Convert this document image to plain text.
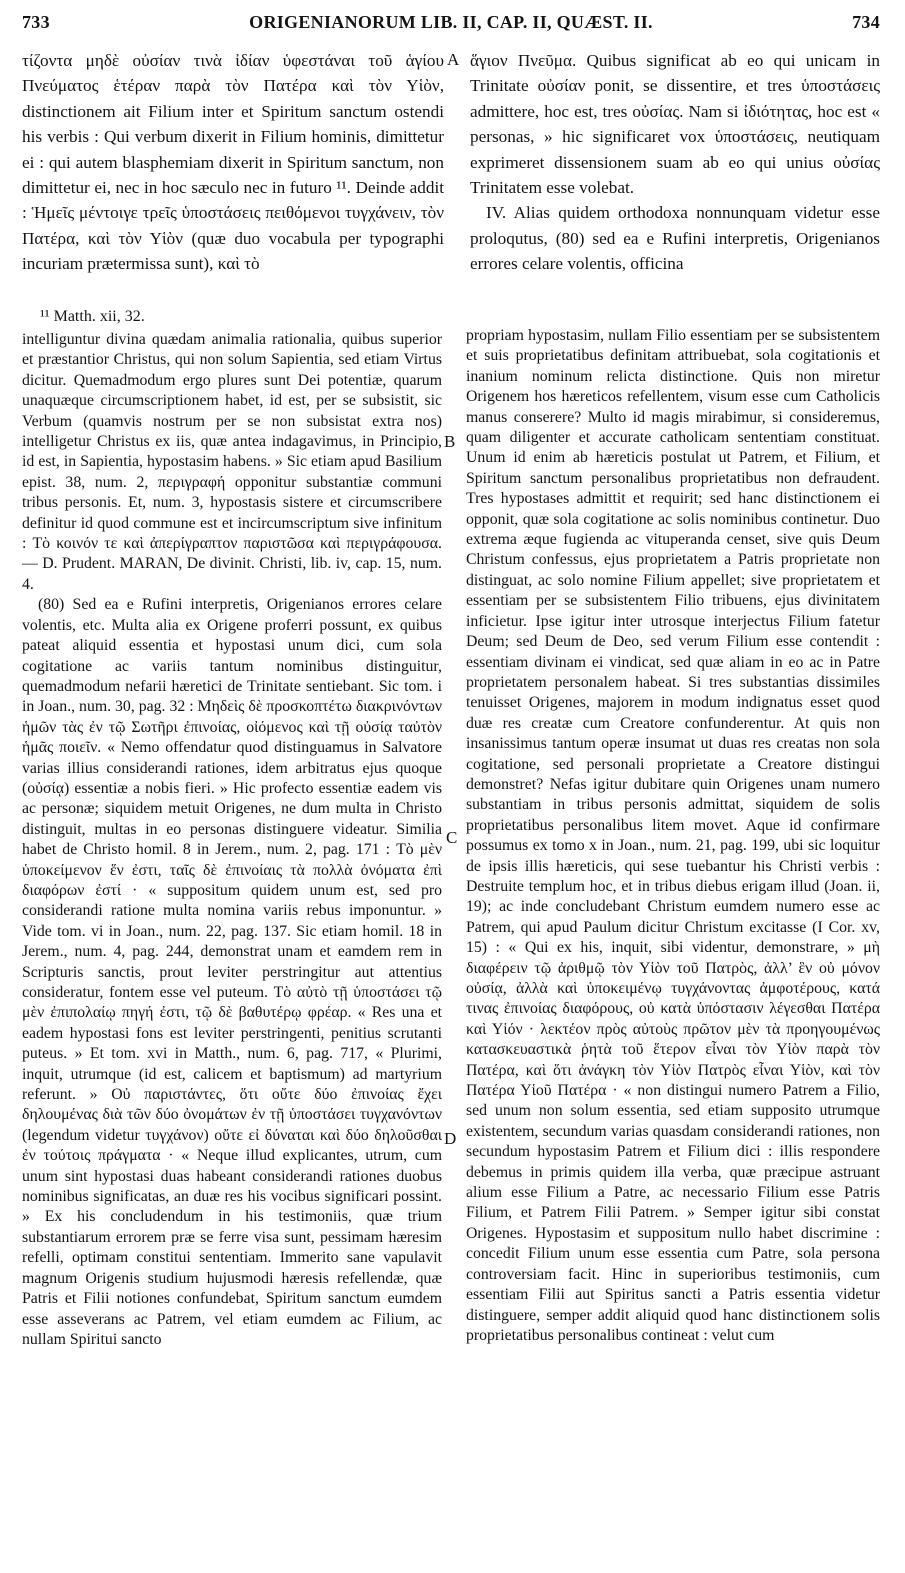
733	ORIGENIANORUM LIB. II, CAP. II, QUÆST. II.	734
A
B
C
D

τίζοντα μηδὲ οὐσίαν τινὰ ἰδίαν ὑφεστάναι τοῦ ἁγίου Πνεύματος ἑτέραν παρὰ τὸν Πατέρα καὶ τὸν Υἱὸν, distinctionem ait Filium inter et Spiritum sanctum ostendi his verbis : Qui verbum dixerit in Filium hominis, dimittetur ei : qui autem blasphemiam dixerit in Spiritum sanctum, non dimittetur ei, nec in hoc sæculo nec in futuro ¹¹. Deinde addit : Ἡμεῖς μέντοιγε τρεῖς ὑποστάσεις πειθόμενοι τυγχάνειν, τὸν Πατέρα, καὶ τὸν Υἱὸν (quæ duo vocabula per typographi incuriam prætermissa sunt), καὶ τὸ

ἅγιον Πνεῦμα. Quibus significat ab eo qui unicam in Trinitate οὐσίαν ponit, se dissentire, et tres ὑποστάσεις admittere, hoc est, tres οὐσίας. Nam si ἰδιότητας, hoc est « personas, » hic significaret vox ὑποστάσεις, neutiquam exprimeret dissensionem suam ab eo qui unius οὐσίας Trinitatem esse volebat.

IV. Alias quidem orthodoxa nonnunquam videtur esse proloqutus, (80) sed ea e Rufini interpretis, Origenianos errores celare volentis, officina

¹¹ Matth. xii, 32.

intelliguntur divina quædam animalia rationalia, quibus superior et præstantior Christus, qui non solum Sapientia, sed etiam Virtus dicitur. Quemadmodum ergo plures sunt Dei potentiæ, quarum unaquæque circumscriptionem habet, id est, per se subsistit, sic Verbum (quamvis nostrum per se non subsistat extra nos) intelligetur Christus ex iis, quæ antea indagavimus, in Principio, id est, in Sapientia, hypostasim habens. » Sic etiam apud Basilium epist. 38, num. 2, περιγραφή opponitur substantiæ communi tribus personis. Et, num. 3, hypostasis sistere et circumscribere definitur id quod commune est et incircumscriptum sive infinitum : Τὸ κοινόν τε καὶ ἀπερίγραπτον παριστῶσα καὶ περιγράφουσα. — D. Prudent. MARAN, De divinit. Christi, lib. iv, cap. 15, num. 4.

(80) Sed ea e Rufini interpretis, Origenianos errores celare volentis, etc. Multa alia ex Origene proferri possunt, ex quibus pateat aliquid essentia et hypostasi unum dici, cum sola cogitatione ac variis tantum nominibus distinguitur, quemadmodum nefarii hæretici de Trinitate sentiebant. Sic tom. i in Joan., num. 30, pag. 32 : Μηδεὶς δὲ προσκοπτέτω διακρινόντων ἡμῶν τὰς ἐν τῷ Σωτῆρι ἐπινοίας, οἰόμενος καὶ τῇ οὐσίᾳ ταὐτὸν ἡμᾶς ποιεῖν. « Nemo offendatur quod distinguamus in Salvatore varias illius considerandi rationes, idem arbitratus ejus quoque (οὐσίᾳ) essentiæ a nobis fieri. » Hic profecto essentiæ eadem vis ac personæ; siquidem metuit Origenes, ne dum multa in Christo distinguit, multas in eo personas distinguere videatur. Similia habet de Christo homil. 8 in Jerem., num. 2, pag. 171 : Τὸ μὲν ὑποκείμενον ἕν ἐστι, ταῖς δὲ ἐπινοίαις τὰ πολλὰ ὀνόματα ἐπὶ διαφόρων ἐστί · « suppositum quidem unum est, sed pro considerandi ratione multa nomina variis rebus imponuntur. » Vide tom. vi in Joan., num. 22, pag. 137. Sic etiam homil. 18 in Jerem., num. 4, pag. 244, demonstrat unam et eamdem rem in Scripturis sanctis, prout leviter perstringitur aut attentius consideratur, fontem esse vel puteum. Τὸ αὐτὸ τῇ ὑποστάσει τῷ μὲν ἐπιπολαίῳ πηγή ἐστι, τῷ δὲ βαθυτέρῳ φρέαρ. « Res una et eadem hypostasi fons est leviter perstringenti, penitius scrutanti puteus. » Et tom. xvi in Matth., num. 6, pag. 717, « Plurimi, inquit, utrumque (id est, calicem et baptismum) ad martyrium referunt. » Οὐ παριστάντες, ὅτι οὔτε δύο ἐπινοίας ἔχει δηλουμένας διὰ τῶν δύο ὀνομάτων ἐν τῇ ὑποστάσει τυγχανόντων (legendum videtur τυγχάνον) οὔτε εἰ δύναται καὶ δύο δηλοῦσθαι ἐν τούτοις πράγματα · « Neque illud explicantes, utrum, cum unum sint hypostasi duas habeant considerandi rationes duobus nominibus significatas, an duæ res his vocibus significari possint. » Ex his concludendum in his testimoniis, quæ trium substantiarum errorem præ se ferre visa sunt, pessimam hæresim refelli, optimam constitui sententiam. Immerito sane vapulavit magnum Origenis studium hujusmodi hæresis refellendæ, quæ Patris et Filii notiones confundebat, Spiritum sanctum eumdem esse asseverans ac Patrem, vel etiam eumdem ac Filium, ac nullam Spiritui sancto

propriam hypostasim, nullam Filio essentiam per se subsistentem et suis proprietatibus definitam attribuebat, sola cogitationis et inanium nominum relicta distinctione. Quis non miretur Origenem hos hæreticos refellentem, visum esse cum Catholicis manus conserere? Multo id magis mirabimur, si consideremus, quam diligenter et accurate catholicam sententiam constituat. Unum id enim ab hæreticis postulat ut Patrem, et Filium, et Spiritum sanctum personalibus proprietatibus non defraudent. Tres hypostases admittit et requirit; sed hanc distinctionem ei opponit, quæ sola cogitatione ac solis nominibus continetur. Duo extrema æque fugienda ac vituperanda censet, sive quis Deum Christum confessus, ejus proprietatem a Patris proprietate non distinguat, ac solo nomine Filium appellet; sive proprietatem et essentiam per se subsistentem Filio tribuens, ejus divinitatem inficietur. Ipse igitur inter utrosque interjectus Filium fatetur Deum; sed Deum de Deo, sed verum Filium esse contendit : essentiam divinam ei vindicat, sed quæ aliam in eo ac in Patre proprietatem personalem habeat. Si tres substantias dissimiles tenuisset Origenes, majorem in modum indignatus esset quod duæ res creatæ cum Creatore confunderentur. At quis non insanissimus tantum operæ insumat ut duas res creatas non sola cogitatione, sed personali proprietate a Creatore distingui demonstret? Nefas igitur dubitare quin Origenes unam numero substantiam in tribus personis admittat, siquidem de solis proprietatibus personalibus litem movet. Aque id confirmare possumus ex tomo x in Joan., num. 21, pag. 199, ubi sic loquitur de ipsis illis hæreticis, qui sese tuebantur his Christi verbis : Destruite templum hoc, et in tribus diebus erigam illud (Joan. ii, 19); ac inde concludebant Christum eumdem numero esse ac Patrem, qui apud Paulum dicitur Christum excitasse (I Cor. xv, 15) : « Qui ex his, inquit, sibi videntur, demonstrare, » μὴ διαφέρειν τῷ ἀριθμῷ τὸν Υἱὸν τοῦ Πατρὸς, ἀλλ’ ἓν οὐ μόνον οὐσίᾳ, ἀλλὰ καὶ ὑποκειμένῳ τυγχάνοντας ἀμφοτέρους, κατά τινας ἐπινοίας διαφόρους, οὐ κατὰ ὑπόστασιν λέγεσθαι Πατέρα καὶ Υἱόν · λεκτέον πρὸς αὐτοὺς πρῶτον μὲν τὰ προηγουμένως κατασκευαστικὰ ῥητὰ τοῦ ἕτερον εἶναι τὸν Υἱὸν παρὰ τὸν Πατέρα, καὶ ὅτι ἀνάγκη τὸν Υἱὸν Πατρὸς εἶναι Υἱὸν, καὶ τὸν Πατέρα Υἱοῦ Πατέρα · « non distingui numero Patrem a Filio, sed unum non solum essentia, sed etiam supposito utrumque existentem, secundum varias quasdam considerandi rationes, non secundum hypostasim Patrem et Filium dici : illis respondere debemus in primis quidem illa verba, quæ præcipue astruant alium esse Filium a Patre, ac necessario Filium esse Patris Filium, et Patrem Filii Patrem. » Semper igitur sibi constat Origenes. Hypostasim et suppositum nullo habet discrimine : concedit Filium unum esse essentia cum Patre, sola persona controversiam facit. Hinc in superioribus testimoniis, cum essentiam Filii aut Spiritus sancti a Patris essentia videtur distinguere, semper addit aliquid quod hanc distinctionem solis proprietatibus personalibus contineat : velut cum
